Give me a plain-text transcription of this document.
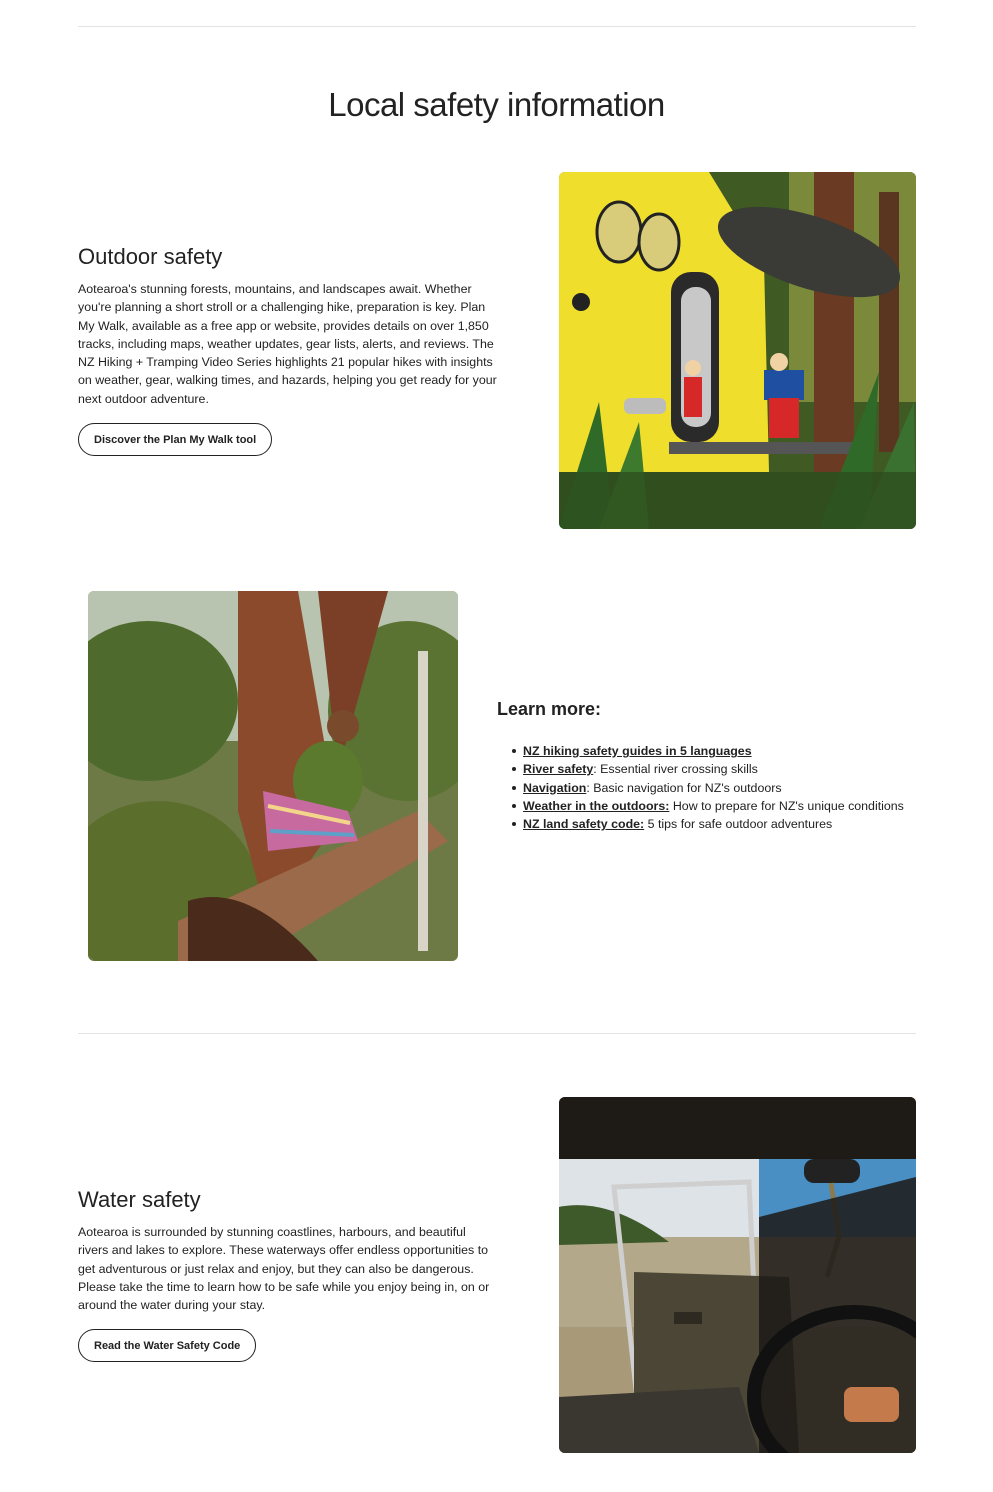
Local safety information
Outdoor safety

Aotearoa's stunning forests, mountains, and landscapes await. Whether you're planning a short stroll or a challenging hike, preparation is key. Plan My Walk, available as a free app or website, provides details on over 1,850 tracks, including maps, weather updates, gear lists, alerts, and reviews. The NZ Hiking + Tramping Video Series highlights 21 popular hikes with insights on weather, gear, walking times, and hazards, helping you get ready for your next outdoor adventure.

Discover the Plan My Walk tool
Learn more:
NZ hiking safety guides in 5 languages
River safety: Essential river crossing skills
Navigation: Basic navigation for NZ's outdoors
Weather in the outdoors: How to prepare for NZ's unique conditions
NZ land safety code: 5 tips for safe outdoor adventures
Water safety

Aotearoa is surrounded by stunning coastlines, harbours, and beautiful rivers and lakes to explore. These waterways offer endless opportunities to get adventurous or just relax and enjoy, but they can also be dangerous. Please take the time to learn how to be safe while you enjoy being in, on or around the water during your stay.

Read the Water Safety Code
